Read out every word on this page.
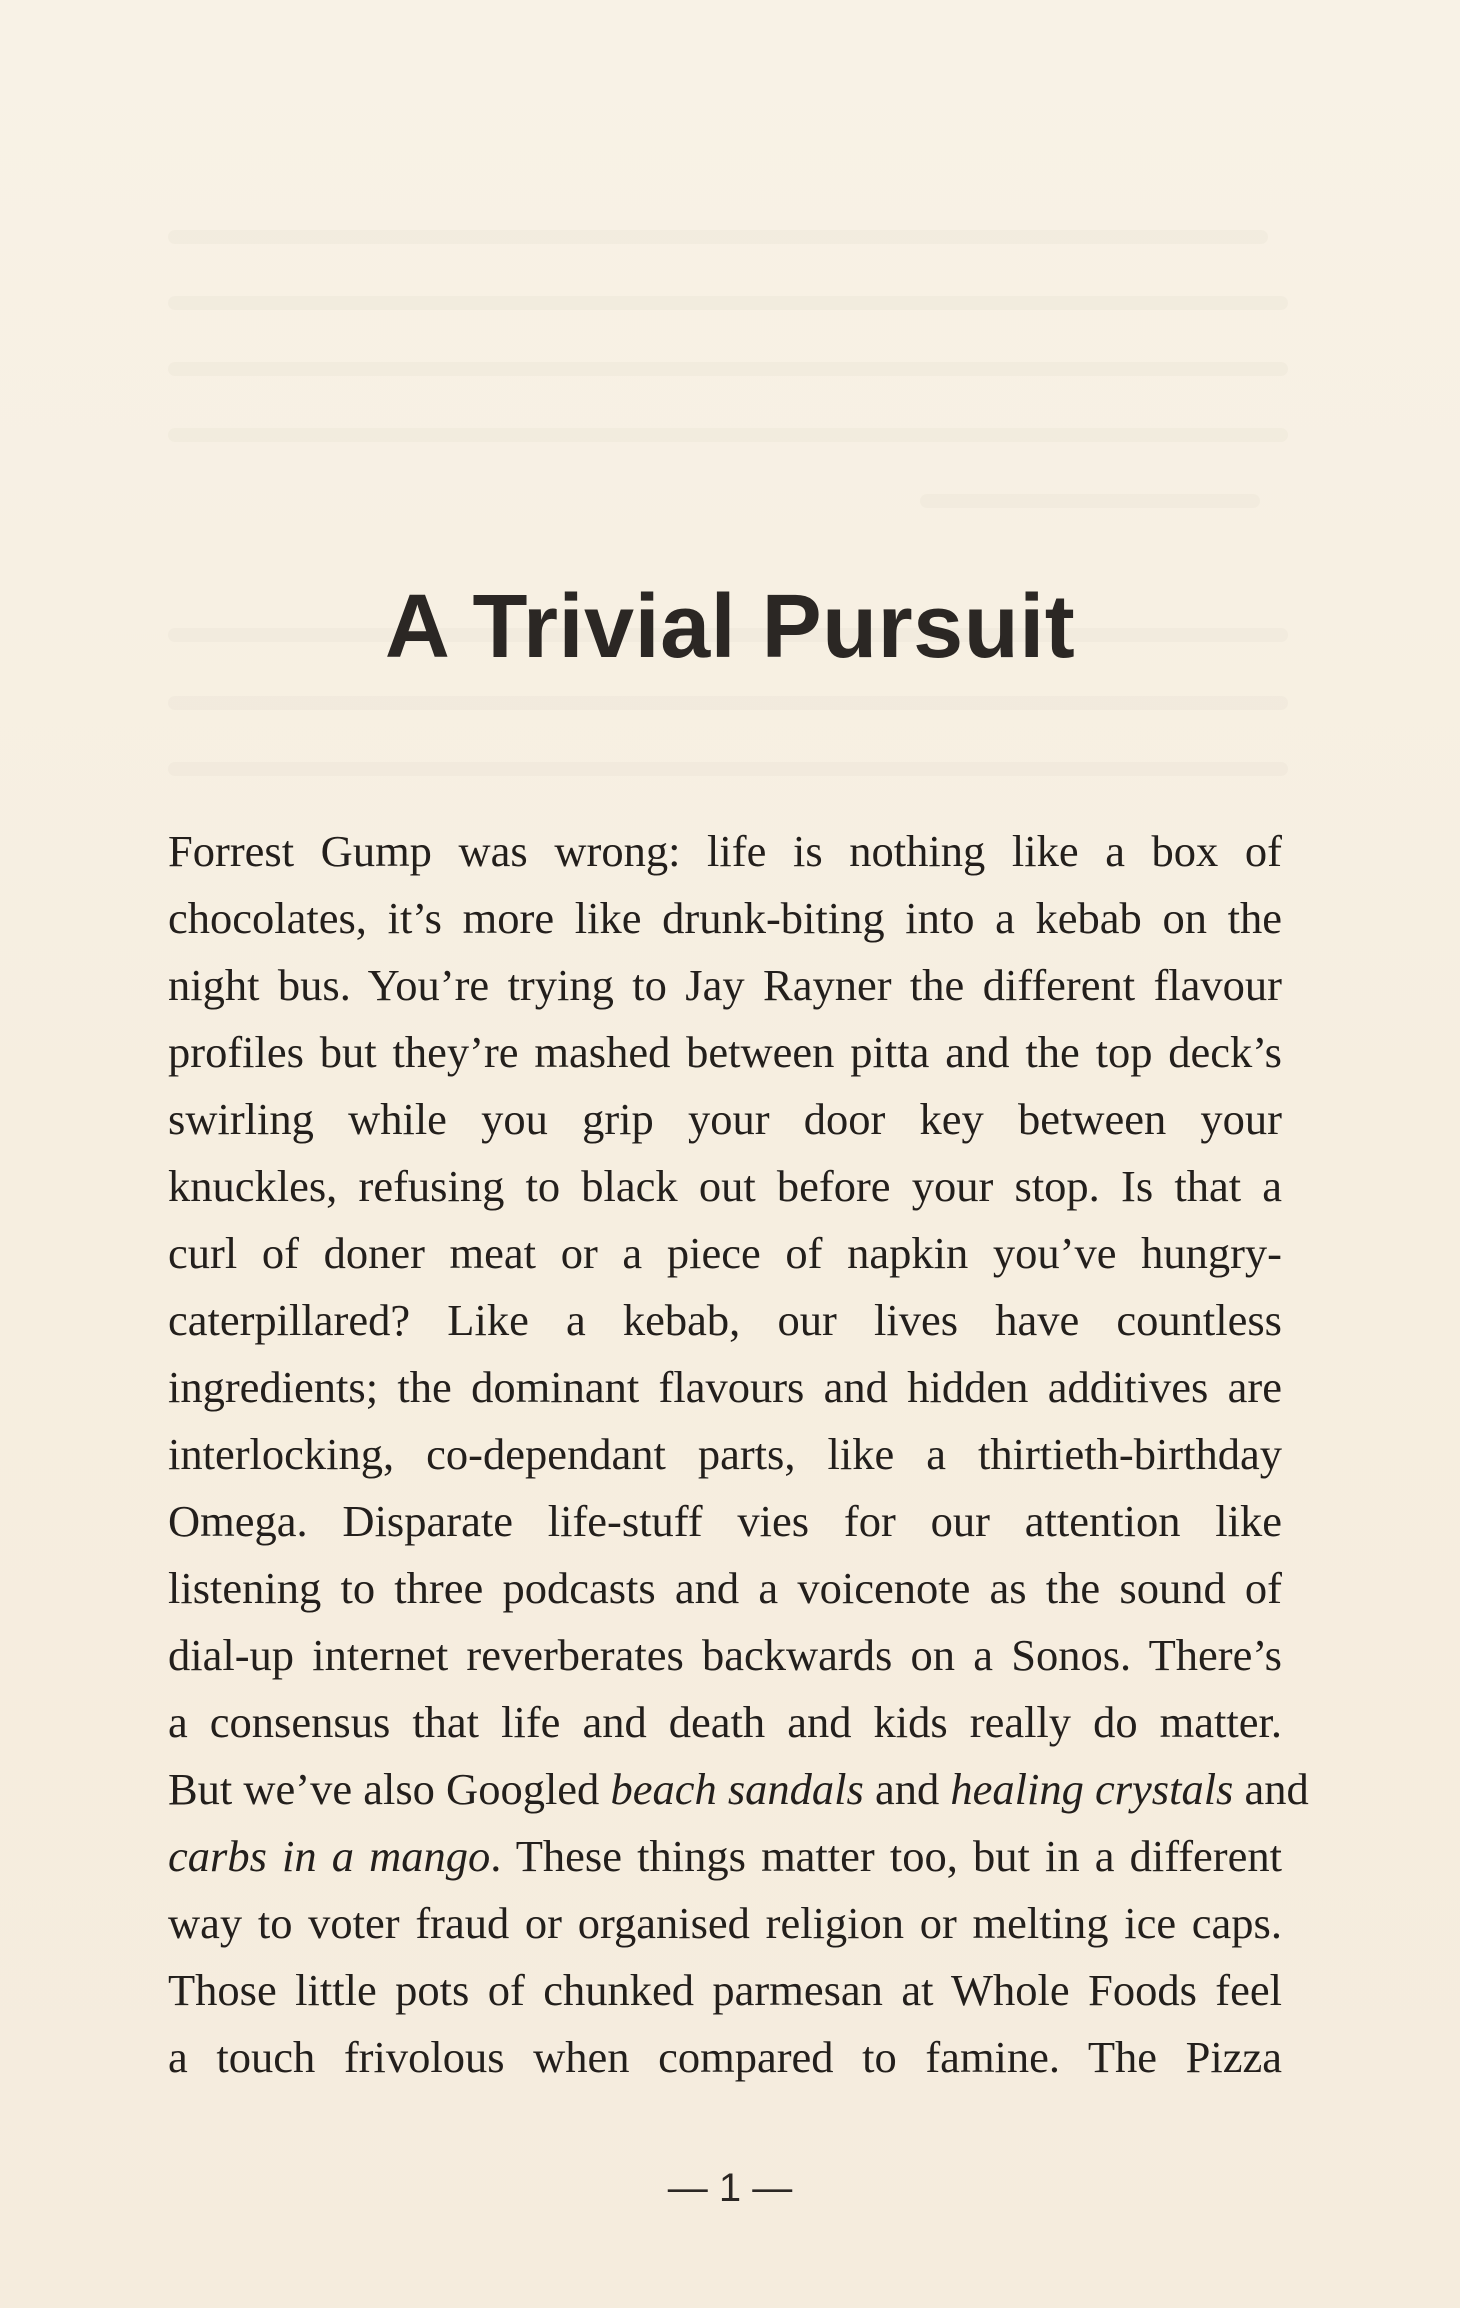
A Trivial Pursuit
Forrest Gump was wrong: life is nothing like a box of
chocolates, it’s more like drunk-biting into a kebab on the
night bus. You’re trying to Jay Rayner the different flavour
profiles but they’re mashed between pitta and the top deck’s
swirling while you grip your door key between your
knuckles, refusing to black out before your stop. Is that a
curl of doner meat or a piece of napkin you’ve hungry-
caterpillared? Like a kebab, our lives have countless
ingredients; the dominant flavours and hidden additives are
interlocking, co-dependant parts, like a thirtieth-birthday
Omega. Disparate life-stuff vies for our attention like
listening to three podcasts and a voicenote as the sound of
dial-up internet reverberates backwards on a Sonos. There’s
a consensus that life and death and kids really do matter.
But we’ve also Googled beach sandals and healing crystals and
carbs in a mango. These things matter too, but in a different
way to voter fraud or organised religion or melting ice caps.
Those little pots of chunked parmesan at Whole Foods feel
a touch frivolous when compared to famine. The Pizza
— 1 —
